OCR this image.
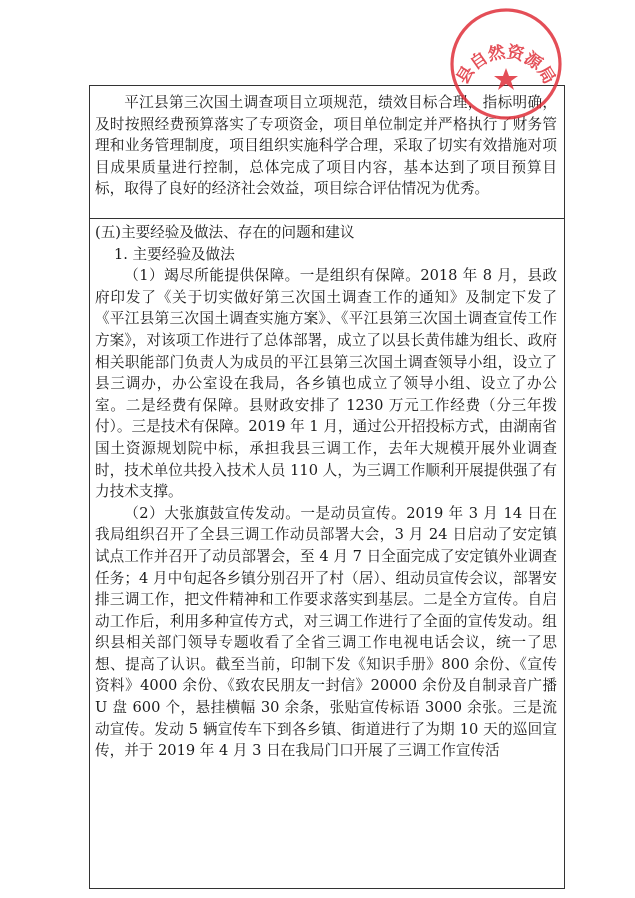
平江县第三次国土调查项目立项规范，绩效目标合理，指标明确，及时按照经费预算落实了专项资金，项目单位制定并严格执行了财务管理和业务管理制度，项目组织实施科学合理，采取了切实有效措施对项目成果质量进行控制，总体完成了项目内容，基本达到了项目预算目标，取得了良好的经济社会效益，项目综合评估情况为优秀。

(五)主要经验及做法、存在的问题和建议

1. 主要经验及做法

（1）竭尽所能提供保障。一是组织有保障。2018 年 8 月，县政府印发了《关于切实做好第三次国土调查工作的通知》及制定下发了《平江县第三次国土调查实施方案》、《平江县第三次国土调查宣传工作方案》，对该项工作进行了总体部署，成立了以县长黄伟雄为组长、政府相关职能部门负责人为成员的平江县第三次国土调查领导小组，设立了县三调办，办公室设在我局，各乡镇也成立了领导小组、设立了办公室。二是经费有保障。县财政安排了 1230 万元工作经费（分三年拨付）。三是技术有保障。2019 年 1 月，通过公开招投标方式，由湖南省国土资源规划院中标，承担我县三调工作，去年大规模开展外业调查时，技术单位共投入技术人员 110 人，为三调工作顺利开展提供强了有力技术支撑。

（2）大张旗鼓宣传发动。一是动员宣传。2019 年 3 月 14 日在我局组织召开了全县三调工作动员部署大会，3 月 24 日启动了安定镇试点工作并召开了动员部署会，至 4 月 7 日全面完成了安定镇外业调查任务；4 月中旬起各乡镇分别召开了村（居）、组动员宣传会议，部署安排三调工作，把文件精神和工作要求落实到基层。二是全方宣传。自启动工作后，利用多种宣传方式，对三调工作进行了全面的宣传发动。组织县相关部门领导专题收看了全省三调工作电视电话会议，统一了思想、提高了认识。截至当前，印制下发《知识手册》800 余份、《宣传资料》4000 余份、《致农民朋友一封信》20000 余份及自制录音广播 U 盘 600 个，悬挂横幅 30 余条，张贴宣传标语 3000 余张。三是流动宣传。发动 5 辆宣传车下到各乡镇、街道进行了为期 10 天的巡回宣传，并于 2019 年 4 月 3 日在我局门口开展了三调工作宣传活

县自然资源局
